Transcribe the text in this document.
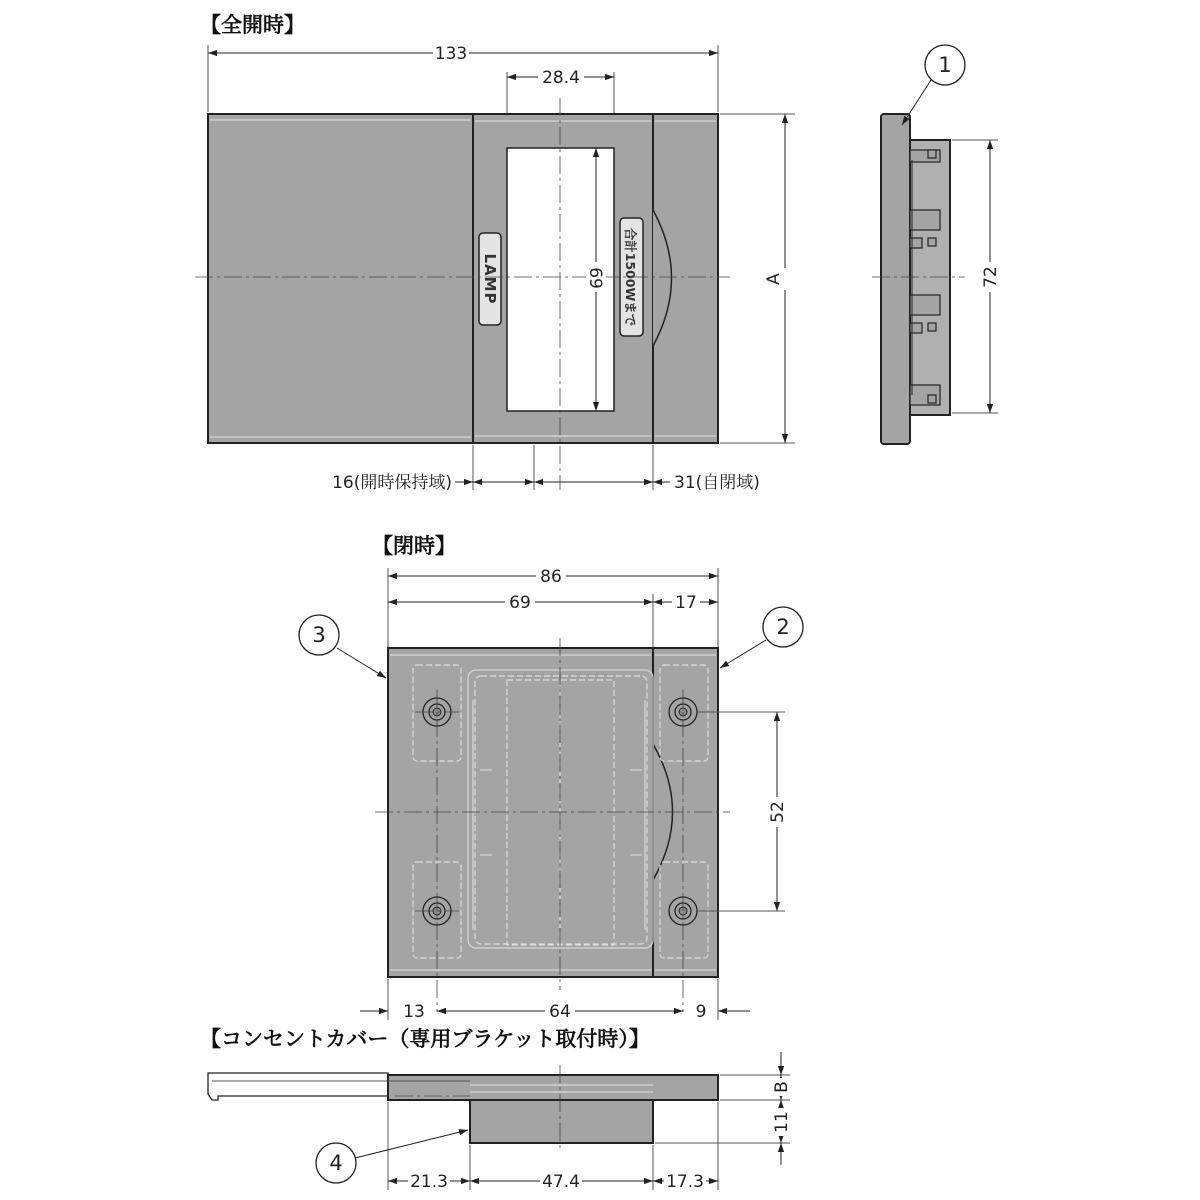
【全開時】
【閉時】
【コンセントカバー（専用ブラケット取付時）】
133
28.4
LAMP	合計1500Wまで
69	A
16(開時保持域)	31(自閉域)
72
1
86
69	17
52
13	64	9
2
3
B
11
21.3	47.4	17.3
4
